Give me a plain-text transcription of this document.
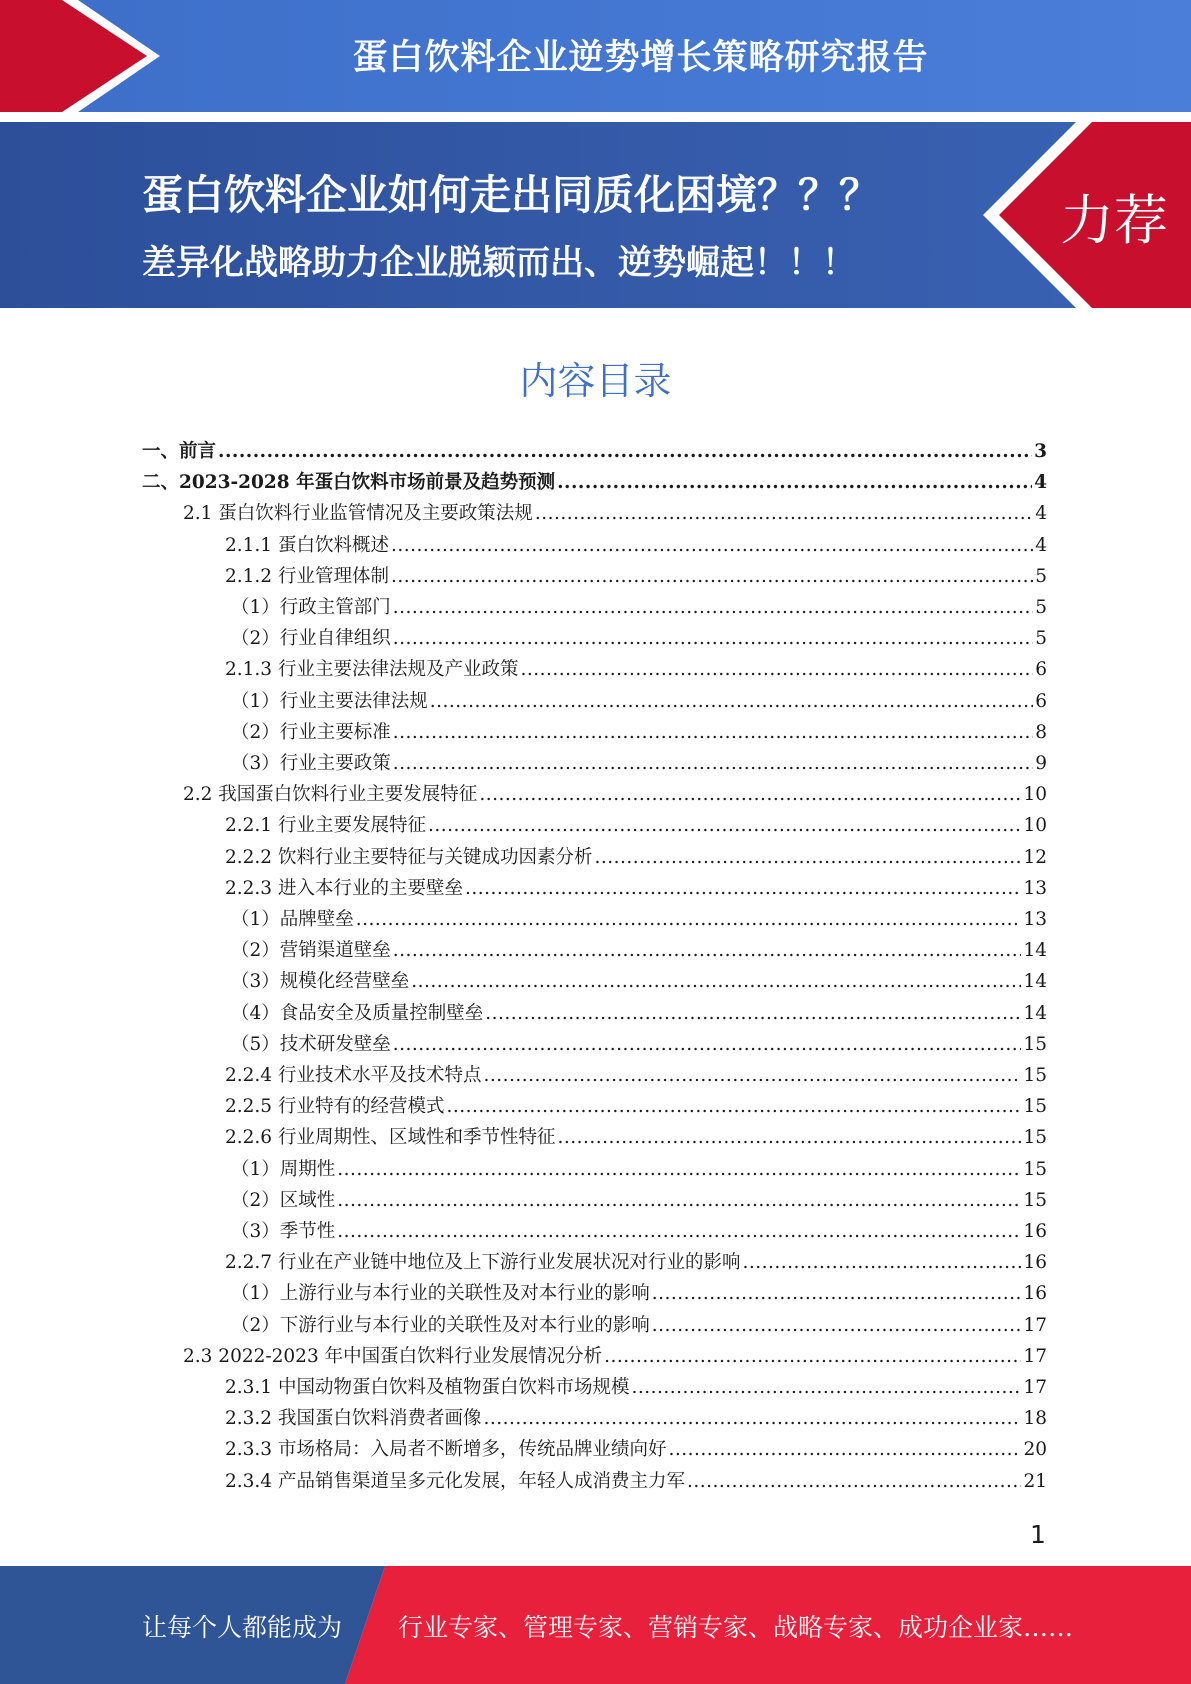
蛋白饮料企业逆势增长策略研究报告
蛋白饮料企业如何走出同质化困境？？？
差异化战略助力企业脱颖而出、逆势崛起！！！
力荐
内容目录
一、前言 .....	3
二、2023-2028 年蛋白饮料市场前景及趋势预测 .....	4
2.1 蛋白饮料行业监管情况及主要政策法规 .....	4
2.1.1 蛋白饮料概述 .....	4
2.1.2 行业管理体制 .....	5
（1）行政主管部门 .....	5
（2）行业自律组织 .....	5
2.1.3 行业主要法律法规及产业政策 .....	6
（1）行业主要法律法规 .....	6
（2）行业主要标准 .....	8
（3）行业主要政策 .....	9
2.2 我国蛋白饮料行业主要发展特征 .....	10
2.2.1 行业主要发展特征 .....	10
2.2.2 饮料行业主要特征与关键成功因素分析 .....	12
2.2.3 进入本行业的主要壁垒 .....	13
（1）品牌壁垒 .....	13
（2）营销渠道壁垒 .....	14
（3）规模化经营壁垒 .....	14
（4）食品安全及质量控制壁垒 .....	14
（5）技术研发壁垒 .....	15
2.2.4 行业技术水平及技术特点 .....	15
2.2.5 行业特有的经营模式 .....	15
2.2.6 行业周期性、区域性和季节性特征 .....	15
（1）周期性 .....	15
（2）区域性 .....	15
（3）季节性 .....	16
2.2.7 行业在产业链中地位及上下游行业发展状况对行业的影响 .....	16
（1）上游行业与本行业的关联性及对本行业的影响 .....	16
（2）下游行业与本行业的关联性及对本行业的影响 .....	17
2.3 2022-2023 年中国蛋白饮料行业发展情况分析 .....	17
2.3.1 中国动物蛋白饮料及植物蛋白饮料市场规模 .....	17
2.3.2 我国蛋白饮料消费者画像 .....	18
2.3.3 市场格局：入局者不断增多，传统品牌业绩向好 .....	20
2.3.4 产品销售渠道呈多元化发展，年轻人成消费主力军 .....	21
1
让每个人都能成为 行业专家、管理专家、营销专家、战略专家、成功企业家……
